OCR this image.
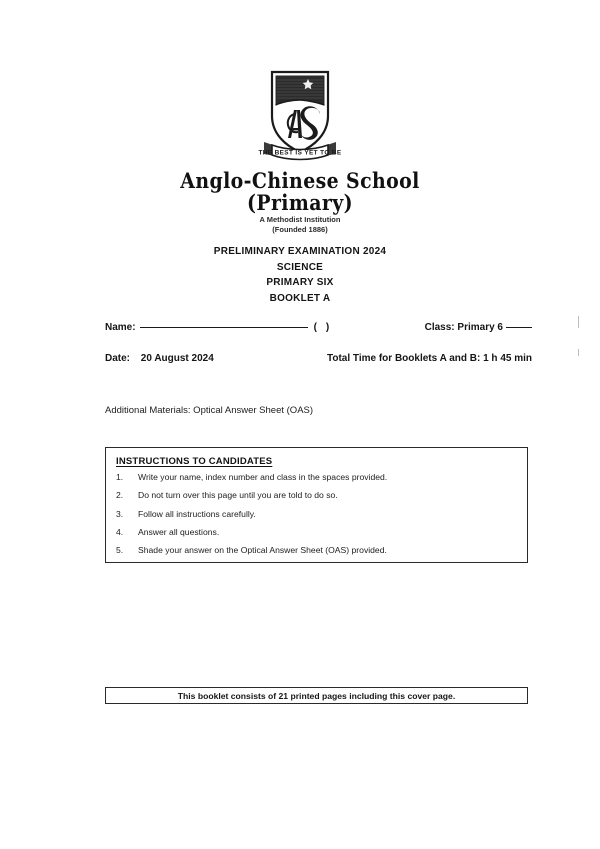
THE BEST IS YET TO BE
Anglo-Chinese School
(Primary)
A Methodist Institution
(Founded 1886)
PRELIMINARY EXAMINATION 2024
SCIENCE
PRIMARY SIX
BOOKLET A
Name:	()	Class: Primary 6
Date: 20 August 2024	Total Time for Booklets A and B: 1 h 45 min
Additional Materials: Optical Answer Sheet (OAS)
INSTRUCTIONS TO CANDIDATES
1.	Write your name, index number and class in the spaces provided.
2.	Do not turn over this page until you are told to do so.
3.	Follow all instructions carefully.
4.	Answer all questions.
5.	Shade your answer on the Optical Answer Sheet (OAS) provided.
This booklet consists of 21 printed pages including this cover page.
